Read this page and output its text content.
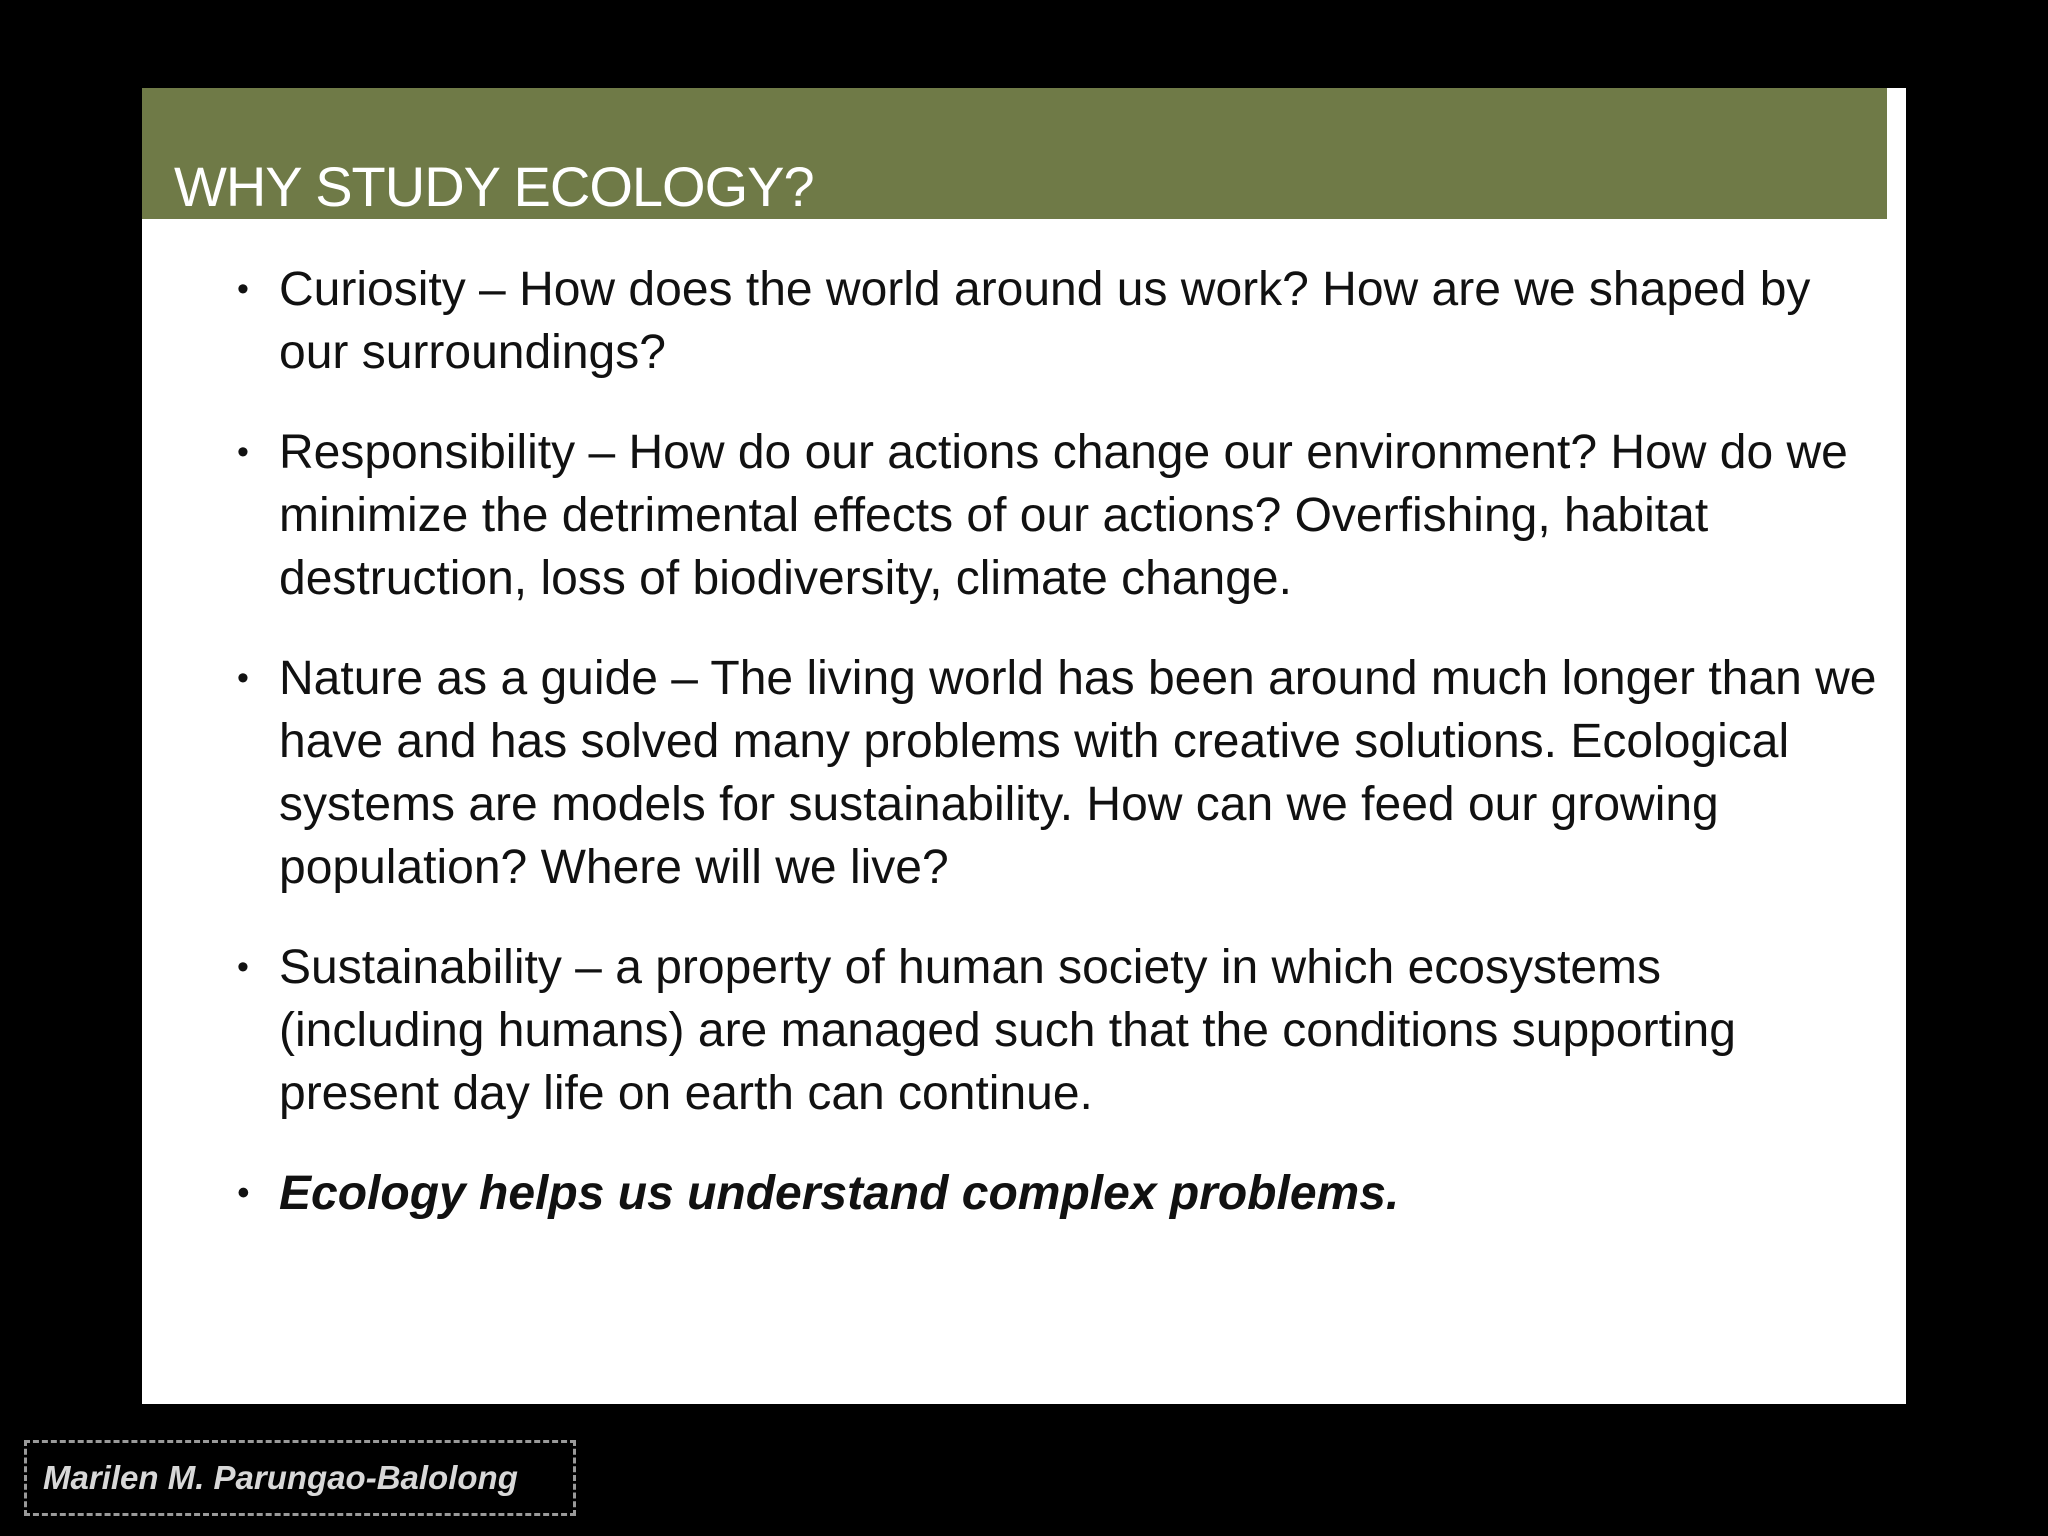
WHY STUDY ECOLOGY?
• Curiosity – How does the world around us work? How are we shaped by our surroundings?
• Responsibility – How do our actions change our environment? How do we minimize the detrimental effects of our actions? Overfishing, habitat destruction, loss of biodiversity, climate change.
• Nature as a guide – The living world has been around much longer than we have and has solved many problems with creative solutions. Ecological systems are models for sustainability. How can we feed our growing population? Where will we live?
• Sustainability – a property of human society in which ecosystems (including humans) are managed such that the conditions supporting present day life on earth can continue.
• Ecology helps us understand complex problems.
Marilen M. Parungao-Balolong
